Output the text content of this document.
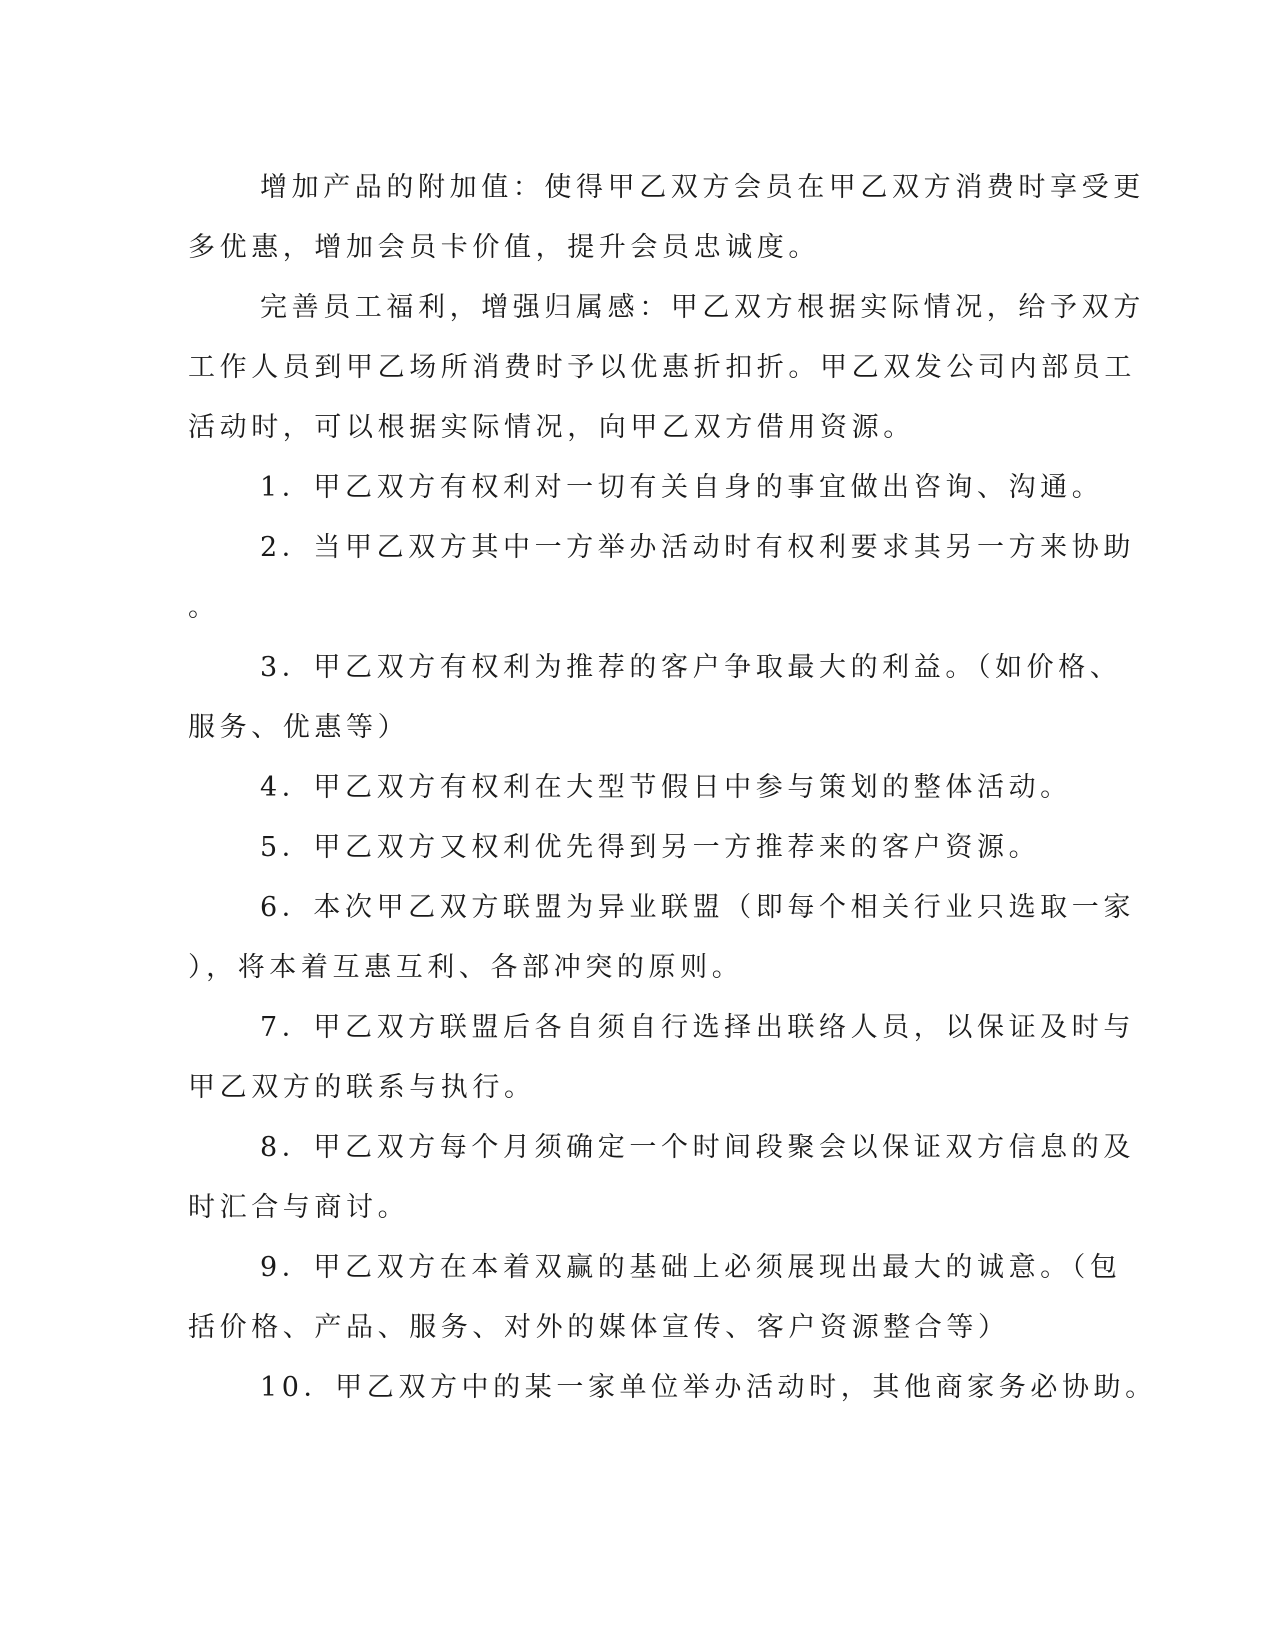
增加产品的附加值：使得甲乙双方会员在甲乙双方消费时享受更
多优惠，增加会员卡价值，提升会员忠诚度。

完善员工福利，增强归属感：甲乙双方根据实际情况，给予双方
工作人员到甲乙场所消费时予以优惠折扣折。甲乙双发公司内部员工
活动时，可以根据实际情况，向甲乙双方借用资源。

1．甲乙双方有权利对一切有关自身的事宜做出咨询、沟通。

2．当甲乙双方其中一方举办活动时有权利要求其另一方来协助
。

3．甲乙双方有权利为推荐的客户争取最大的利益。（如价格、
服务、优惠等）

4．甲乙双方有权利在大型节假日中参与策划的整体活动。

5．甲乙双方又权利优先得到另一方推荐来的客户资源。

6．本次甲乙双方联盟为异业联盟（即每个相关行业只选取一家
），将本着互惠互利、各部冲突的原则。

7．甲乙双方联盟后各自须自行选择出联络人员，以保证及时与
甲乙双方的联系与执行。

8．甲乙双方每个月须确定一个时间段聚会以保证双方信息的及
时汇合与商讨。

9．甲乙双方在本着双赢的基础上必须展现出最大的诚意。（包
括价格、产品、服务、对外的媒体宣传、客户资源整合等）

10．甲乙双方中的某一家单位举办活动时，其他商家务必协助。
